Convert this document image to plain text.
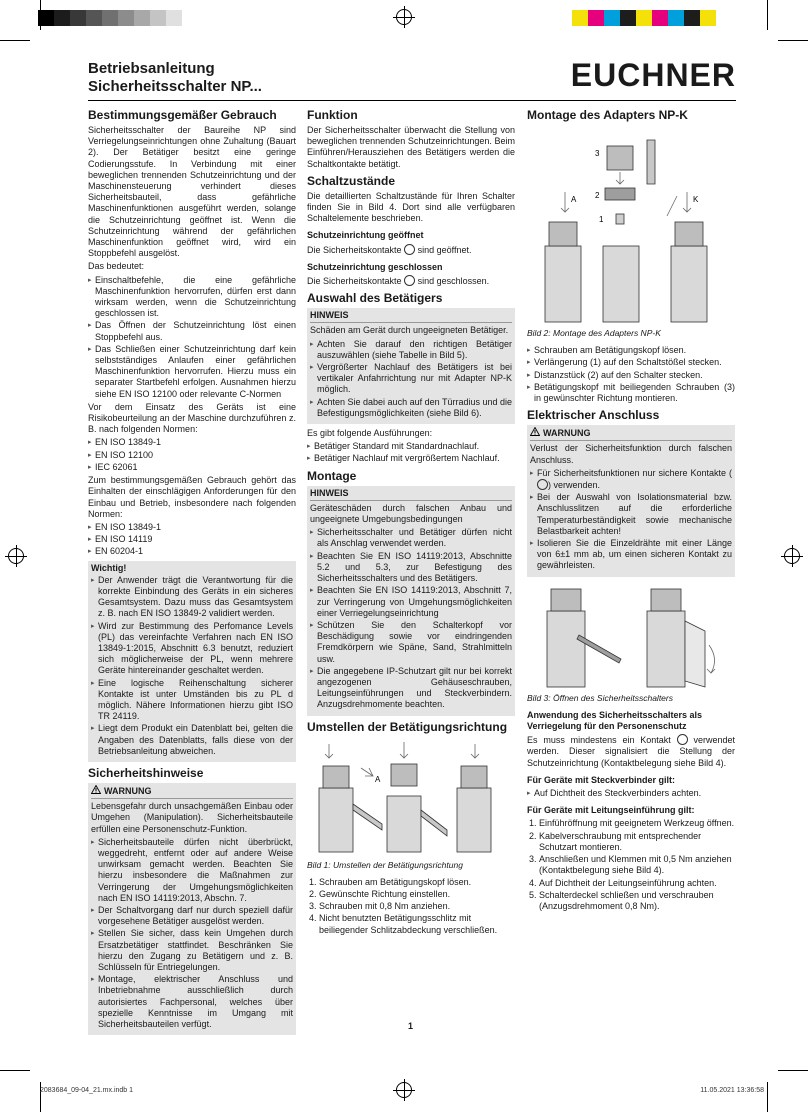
Betriebsanleitung
Sicherheitsschalter NP...	EUCHNER
Bestimmungsgemäßer Gebrauch

Sicherheitsschalter der Baureihe NP sind Verriegelungseinrichtungen ohne Zuhaltung (Bauart 2). Der Betätiger besitzt eine geringe Codierungsstufe. In Verbindung mit einer beweglichen trennenden Schutzeinrichtung und der Maschinensteuerung verhindert dieses Sicherheitsbauteil, dass gefährliche Maschinenfunktionen ausgeführt werden, solange die Schutzeinrichtung geöffnet ist. Wenn die Schutzeinrichtung während der gefährlichen Maschinenfunktion geöffnet wird, wird ein Stoppbefehl ausgelöst.

Das bedeutet:

▸ Einschaltbefehle, die eine gefährliche Maschinenfunktion hervorrufen, dürfen erst dann wirksam werden, wenn die Schutzeinrichtung geschlossen ist.
▸ Das Öffnen der Schutzeinrichtung löst einen Stoppbefehl aus.
▸ Das Schließen einer Schutzeinrichtung darf kein selbstständiges Anlaufen einer gefährlichen Maschinenfunktion hervorrufen. Hierzu muss ein separater Startbefehl erfolgen. Ausnahmen hierzu siehe EN ISO 12100 oder relevante C-Normen

Vor dem Einsatz des Geräts ist eine Risikobeurteilung an der Maschine durchzuführen z. B. nach folgenden Normen:

▸ EN ISO 13849-1
▸ EN ISO 12100
▸ IEC 62061

Zum bestimmungsgemäßen Gebrauch gehört das Einhalten der einschlägigen Anforderungen für den Einbau und Betrieb, insbesondere nach folgenden Normen:

▸ EN ISO 13849-1
▸ EN ISO 14119
▸ EN 60204-1
Wichtig!
▸ Der Anwender trägt die Verantwortung für die korrekte Einbindung des Geräts in ein sicheres Gesamtsystem. Dazu muss das Gesamtsystem z. B. nach EN ISO 13849-2 validiert werden.
▸ Wird zur Bestimmung des Perfomance Levels (PL) das vereinfachte Verfahren nach EN ISO 13849-1:2015, Abschnitt 6.3 benutzt, reduziert sich möglicherweise der PL, wenn mehrere Geräte hintereinander geschaltet werden.
▸ Eine logische Reihenschaltung sicherer Kontakte ist unter Umständen bis zu PL d möglich. Nähere Informationen hierzu gibt ISO TR 24119.
▸ Liegt dem Produkt ein Datenblatt bei, gelten die Angaben des Datenblatts, falls diese von der Betriebsanleitung abweichen.
Sicherheitshinweise
WARNUNG

Lebensgefahr durch unsachgemäßen Einbau oder Umgehen (Manipulation). Sicherheitsbauteile erfüllen eine Personenschutz-Funktion.

▸ Sicherheitsbauteile dürfen nicht überbrückt, weggedreht, entfernt oder auf andere Weise unwirksam gemacht werden. Beachten Sie hierzu insbesondere die Maßnahmen zur Verringerung der Umgehungsmöglichkeiten nach EN ISO 14119:2013, Abschn. 7.
▸ Der Schaltvorgang darf nur durch speziell dafür vorgesehene Betätiger ausgelöst werden.
▸ Stellen Sie sicher, dass kein Umgehen durch Ersatzbetätiger stattfindet. Beschränken Sie hierzu den Zugang zu Betätigern und z. B. Schlüsseln für Entriegelungen.
▸ Montage, elektrischer Anschluss und Inbetriebnahme ausschließlich durch autorisiertes Fachpersonal, welches über spezielle Kenntnisse im Umgang mit Sicherheitsbauteilen verfügt.
Funktion

Der Sicherheitsschalter überwacht die Stellung von beweglichen trennenden Schutzeinrichtungen. Beim Einführen/Herausziehen des Betätigers werden die Schaltkontakte betätigt.

Schaltzustände

Die detaillierten Schaltzustände für Ihren Schalter finden Sie in Bild 4. Dort sind alle verfügbaren Schaltelemente beschrieben.

Schutzeinrichtung geöffnet

Die Sicherheitskontakte sind geöffnet.

Schutzeinrichtung geschlossen

Die Sicherheitskontakte sind geschlossen.

Auswahl des Betätigers
HINWEIS

Schäden am Gerät durch ungeeigneten Betätiger.

▸ Achten Sie darauf den richtigen Betätiger auszuwählen (siehe Tabelle in Bild 5).
▸ Vergrößerter Nachlauf des Betätigers ist bei vertikaler Anfahrrichtung nur mit Adapter NP-K möglich.
▸ Achten Sie dabei auch auf den Türradius und die Befestigungsmöglichkeiten (siehe Bild 6).

Es gibt folgende Ausführungen:

▸ Betätiger Standard mit Standardnachlauf.
▸ Betätiger Nachlauf mit vergrößertem Nachlauf.
Montage
HINWEIS

Geräteschäden durch falschen Anbau und ungeeignete Umgebungsbedingungen

▸ Sicherheitsschalter und Betätiger dürfen nicht als Anschlag verwendet werden.
▸ Beachten Sie EN ISO 14119:2013, Abschnitte 5.2 und 5.3, zur Befestigung des Sicherheitsschalters und des Betätigers.
▸ Beachten Sie EN ISO 14119:2013, Abschnitt 7, zur Verringerung von Umgehungsmöglichkeiten einer Verriegelungseinrichtung
▸ Schützen Sie den Schalterkopf vor Beschädigung sowie vor eindringenden Fremdkörpern wie Späne, Sand, Strahlmitteln usw.
▸ Die angegebene IP-Schutzart gilt nur bei korrekt angezogenen Gehäuseschrauben, Leitungseinführungen und Steckverbindern. Anzugsdrehmomente beachten.
Umstellen der Betätigungsrichtung
A
Bild 1: Umstellen der Betätigungsrichtung
1. Schrauben am Betätigungskopf lösen.
2. Gewünschte Richtung einstellen.
3. Schrauben mit 0,8 Nm anziehen.
4. Nicht benutzten Betätigungsschlitz mit beiliegender Schlitzabdeckung verschließen.
Montage des Adapters NP-K
3
2
1
A	K
Bild 2: Montage des Adapters NP-K
▸ Schrauben am Betätigungskopf lösen.
▸ Verlängerung (1) auf den Schaltstößel stecken.
▸ Distanzstück (2) auf den Schalter stecken.
▸ Betätigungskopf mit beiliegenden Schrauben (3) in gewünschter Richtung montieren.
Elektrischer Anschluss
WARNUNG

Verlust der Sicherheitsfunktion durch falschen Anschluss.

▸ Für Sicherheitsfunktionen nur sichere Kontakte () verwenden.
▸ Bei der Auswahl von Isolationsmaterial bzw. Anschlusslitzen auf die erforderliche Temperaturbeständigkeit sowie mechanische Belastbarkeit achten!
▸ Isolieren Sie die Einzeldrähte mit einer Länge von 6±1 mm ab, um einen sicheren Kontakt zu gewährleisten.
Bild 3: Öffnen des Sicherheitsschalters
Anwendung des Sicherheitsschalters als Verriegelung für den Personenschutz

Es muss mindestens ein Kontakt	verwendet werden. Dieser signalisiert die Stellung der Schutzeinrichtung (Kontaktbelegung siehe Bild 4).

Für Geräte mit Steckverbinder gilt:
▸ Auf Dichtheit des Steckverbinders achten.
Für Geräte mit Leitungseinführung gilt:
1. Einführöffnung mit geeignetem Werkzeug öffnen.
2. Kabelverschraubung mit entsprechender Schutzart montieren.
3. Anschließen und Klemmen mit 0,5 Nm anziehen (Kontaktbelegung siehe Bild 4).
4. Auf Dichtheit der Leitungseinführung achten.
5. Schalterdeckel schließen und verschrauben (Anzugsdrehmoment 0,8 Nm).
1
2083684_09-04_21.mx.indb 1	11.05.2021 13:36:58
